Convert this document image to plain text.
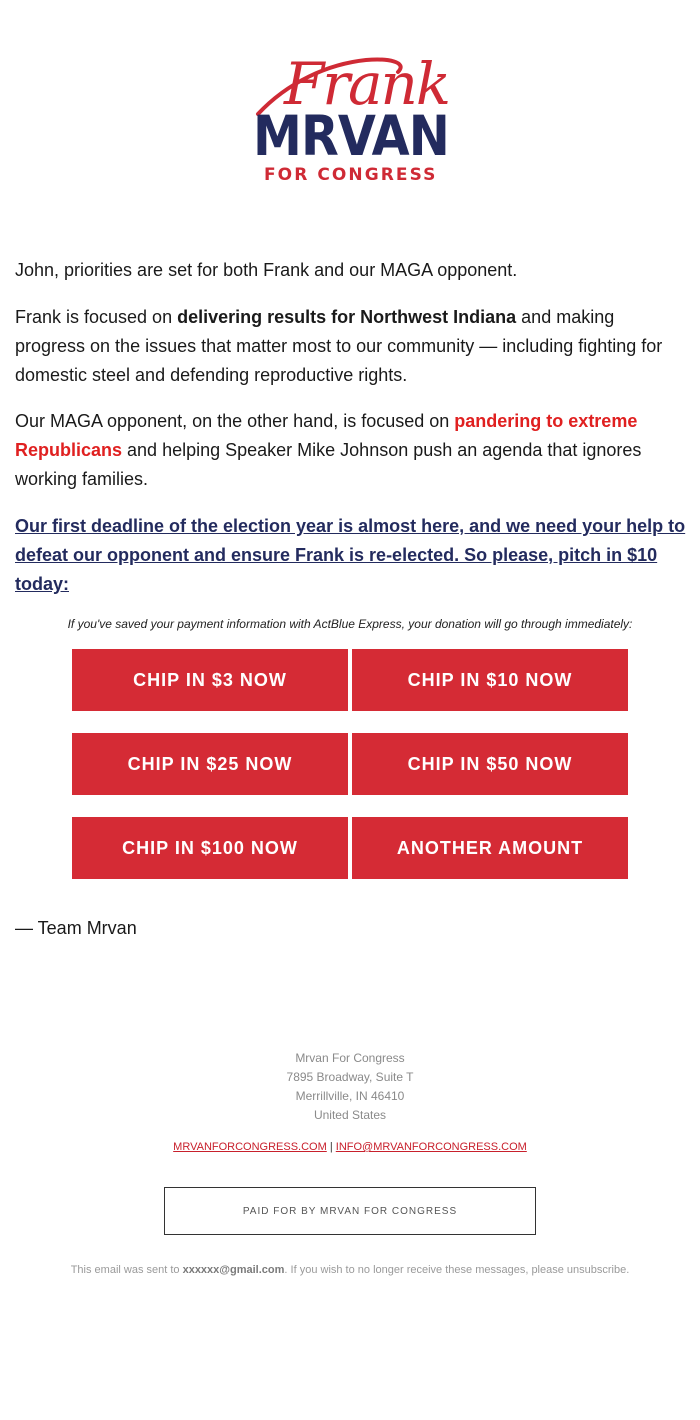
Frank
MRVAN
FOR CONGRESS

John, priorities are set for both Frank and our MAGA opponent.

Frank is focused on delivering results for Northwest Indiana and making progress on the issues that matter most to our community — including fighting for domestic steel and defending reproductive rights.

Our MAGA opponent, on the other hand, is focused on pandering to extreme Republicans and helping Speaker Mike Johnson push an agenda that ignores working families.

Our first deadline of the election year is almost here, and we need your help to defeat our opponent and ensure Frank is re-elected. So please, pitch in $10 today:

If you've saved your payment information with ActBlue Express, your donation will go through immediately:
CHIP IN $3 NOW	CHIP IN $10 NOW
CHIP IN $25 NOW	CHIP IN $50 NOW
CHIP IN $100 NOW	ANOTHER AMOUNT

— Team Mrvan

Mrvan For Congress
7895 Broadway, Suite T
Merrillville, IN 46410
United States
MRVANFORCONGRESS.COM | INFO@MRVANFORCONGRESS.COM
PAID FOR BY MRVAN FOR CONGRESS
This email was sent to xxxxxx@gmail.com. If you wish to no longer receive these messages, please unsubscribe.
